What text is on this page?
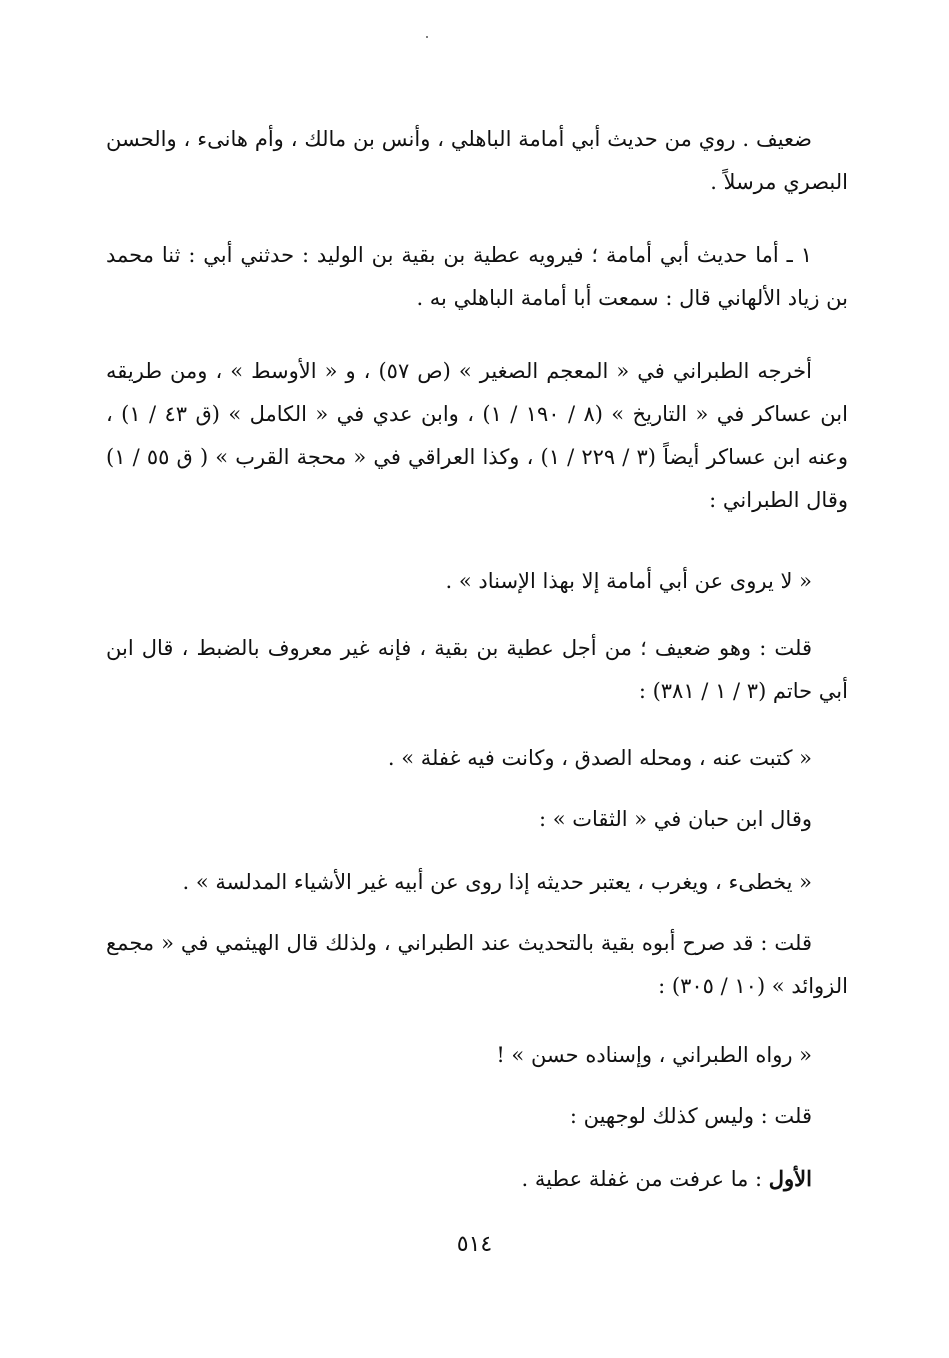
ضعيف . روي من حديث أبي أمامة الباهلي ، وأنس بن مالك ، وأم هانىء ، والحسن البصري مرسلاً .

١ ـ أما حديث أبي أمامة ؛ فيرويه عطية بن بقية بن الوليد : حدثني أبي : ثنا محمد بن زياد الألهاني قال : سمعت أبا أمامة الباهلي به .

أخرجه الطبراني في « المعجم الصغير » (ص ٥٧) ، و « الأوسط » ، ومن طريقه ابن عساكر في « التاريخ » (٨ / ١٩٠ / ١) ، وابن عدي في « الكامل » (ق ٤٣ / ١) ، وعنه ابن عساكر أيضاً (٣ / ٢٢٩ / ١) ، وكذا العراقي في « محجة القرب » ( ق ٥٥ / ١) وقال الطبراني :

« لا يروى عن أبي أمامة إلا بهذا الإسناد » .

قلت : وهو ضعيف ؛ من أجل عطية بن بقية ، فإنه غير معروف بالضبط ، قال ابن أبي حاتم (٣ / ١ / ٣٨١) :

« كتبت عنه ، ومحله الصدق ، وكانت فيه غفلة » .

وقال ابن حبان في « الثقات » :

« يخطىء ، ويغرب ، يعتبر حديثه إذا روى عن أبيه غير الأشياء المدلسة » .

قلت : قد صرح أبوه بقية بالتحديث عند الطبراني ، ولذلك قال الهيثمي في « مجمع الزوائد » (١٠ / ٣٠٥) :

« رواه الطبراني ، وإسناده حسن » !

قلت : وليس كذلك لوجهين :

الأول : ما عرفت من غفلة عطية .

٥١٤
